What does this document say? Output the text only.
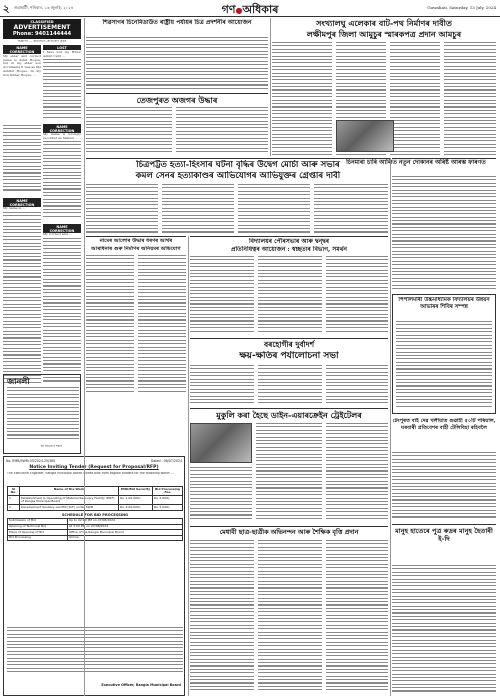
২ গুৱাহাটী, শনিবাৰ, ১৩ জুলাই, ২০২৪	গণ●অধিকাৰ	Guwahati, Saturday, 13 July, 2024
CLASSIFIED
ADVERTISEMENT
Phone: 9401144444
বিজ্ঞাপন — কাৰ্যালয়ত যোগাযোগ কৰক
NAME CORRECTION
My elder and correct name is Ashif Hoque, but in my elder son documents it was as Md Ashiful Hoque. In my Son Ikhtar Hoque, ...
NAME CORRECTION
My name is ...
LOST
I have lost my HSLC Admit Card ...
NAME CORRECTION
My name is wrongly recorded as Samsul ...
NAME CORRECTION
My Correct and ...
জানলী
শ্ৰী আবেদৰ শৰ্মাৰ
শিৱসাগৰ চিনেমিডাউত ৰাষ্ট্ৰীয় পৰ্যায়ৰ চিত্ৰ প্ৰদৰ্শনীৰ আয়োজন	সংখ্যালঘু এলেকাৰ বাট-পথ নিৰ্মাণৰ দাবীত
লক্ষীমপুৰ জিলা আমুচুৰ স্মাৰকপত্ৰ প্ৰদান আমচুৰ
তেজপুৰত অজগৰ উদ্ধাৰ
চিনমাৰা চাৰি আলিত নতুন দোকানৰ অৰিষ্ট আৰম্ভ ফাৰণত
চিত্ৰপট্টত হত্যা-হিংসাৰ ঘটনা বৃদ্ধিৰ উদ্বেগ মোৰ্চা আৰু সভাৰ
কমল সেনৰ হত্যাকাণ্ডৰ আভিযোগৰ আভিযুক্তৰ গ্ৰেপ্তাৰ দাবী
নামেৰ আলোৰ উদ্ধাৰ ধৰণৰ আৰ্থৰ
আৰাধনাৰ গুৰু নিৰ্মাণৰ অনিয়মৰ অভিযোগ
বিদ্যালয়ৰ পৌৰসভাৰ আৰু দ্বন্দ্বৰ
প্ৰতিনিধিত্বৰ আয়োজন : স্বচ্ছতাৰ বিভাগ, সমৰ্থন
বৰহোগীৰ দুৰ্বাদৰ্শ
ক্ষয়-ক্ষতিৰ পৰ্যালোচনা সভা
পিপলিমাৰী উচ্চমাধ্যমিক বিদ্যালয়ৰ উন্নয়ন আভাৰৰ শিবিৰ সম্পন্ন
টেংপুৰত বাই দেৱ খলীয়াত গুৱাহী ৫০টি পৰিয়াল, ঘৰবাৰী প্ৰতিবেশৰ বাহী টেলিবিহা ৰহিবলৈ
No. RMB/SWM-03/2024-25/380	Dated : 08/07/2024
Notice Inviting Tender (Request for Proposal/RFP)
The Executive Engineer, Rangia Municipal Board invites bids from eligible bidders for the following works ...
Sl No.	Name of the Work	EMD/Bid Security	Bid Processing Fee
1.	Establishment & Operating of Material Recovery Facility (MRF) of Rangia Municipal Board	Rs. 1,00,000/-	Rs. 5,000/-
2.	Development Sanitary Landfill (SLF) under SWM	Rs. 2,00,000/-	Rs. 5,000/-
SCHEDULE FOR BID PROCESSING
Submission of Bid	Up to 02:00 PM on 07/08/2024
Opening of Technical Bid	At 3:00 PM on 07/08/2024
Place of Opening of Bid	Office of the Rangia Municipal Board
Bid Processing	Online
Executive Officer, Rangia Municipal Board
মুকুলি কৰা হৈছে ডাইন-এয়াৰক্ৰেইন ট্ৰেইটেলৰ
মেধাবী ছাত্ৰ-ছাত্ৰীক অভিনন্দন আৰু শৈক্ষিক বৃত্তি প্ৰদান	মানুহ হাতেৰে পুত্ৰ ৰুদ্ৰৰ মানুহ হৈতাৰী ই-দি
